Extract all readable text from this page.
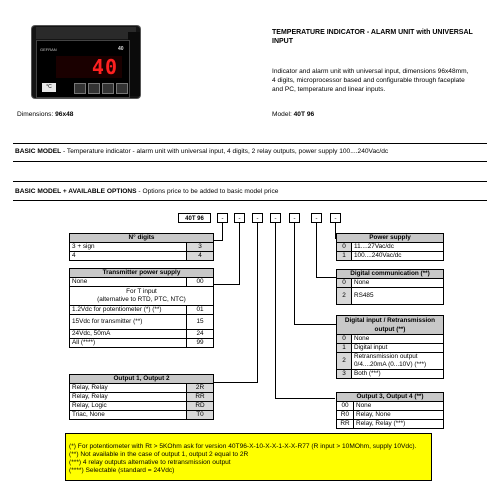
GEFRAN	40
40
°C
TEMPERATURE INDICATOR - ALARM UNIT with UNIVERSAL INPUT
Indicator and alarm unit with universal input, dimensions 96x48mm, 4 digits, microprocessor based and configurable through faceplate and PC, temperature and linear inputs.
Dimensions: 96x48	Model: 40T 96
BASIC MODEL - Temperature indicator - alarm unit with universal input, 4 digits, 2 relay outputs, power supply 100....240Vac/dc
BASIC MODEL + AVAILABLE OPTIONS - Options price to be added to basic model price
40T 96	-	-	-	-	-	-	-
N° digits	
3 + sign	3
4	4
Transmitter power supply	
None	00
For T input
(alternative to RTD, PTC, NTC)	
1.2Vdc for potentiometer (*) (**)	01
15Vdc for transmitter (**)	15
24Vdc, 50mA	24
All (****)	99
Output 1, Output 2	
Relay, Relay	2R
Relay, Relay	RR
Relay, Logic	RD
Triac, None	T0
Power supply	
0	11....27Vac/dc
1	100....240Vac/dc
Digital communication (**)	
0	None
2	RS485
Digital input / Retransmission output (**)	
0	None
1	Digital input
2	Retransmission output 0/4....20mA (0...10V) (***)
3	Both (***)
Output 3, Output 4 (**)	
00	None
R0	Relay, None
RR	Relay, Relay (***)
(*) For potentiometer with Rt > 5KOhm ask for version 40T96-X-10-X-X-1-X-X-R77 (R input > 10MOhm, supply 10Vdc).
(**) Not available in the case of output 1, output 2 equal to 2R
(***) 4 relay outputs alternative to retransmission output
(****) Selectable (standard = 24Vdc)
